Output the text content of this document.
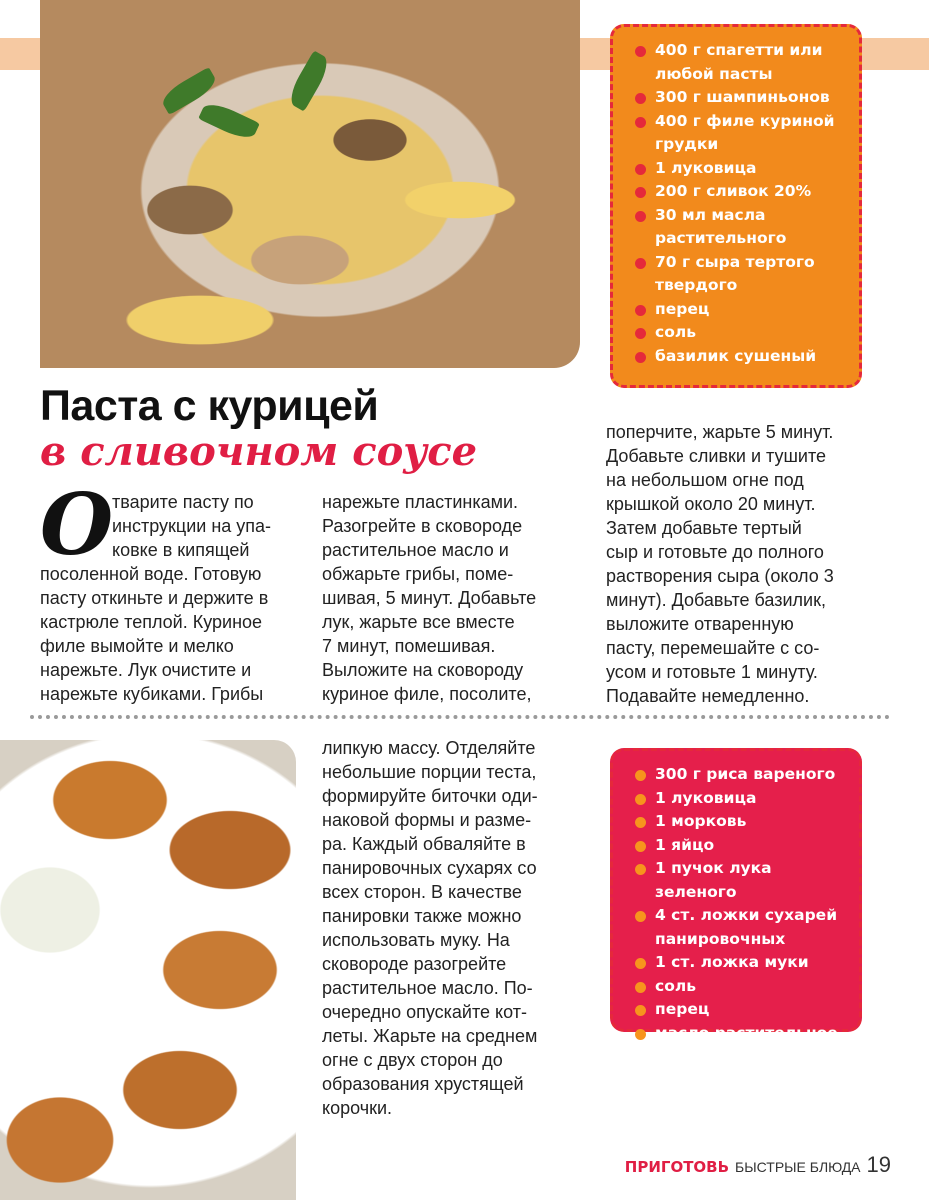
400 г спагетти или любой пасты
300 г шампиньонов
400 г филе куриной грудки
1 луковица
200 г сливок 20%
30 мл масла растительного
70 г сыра тертого твердого
перец
соль
базилик сушеный
Паста с курицей
в сливочном соусе
О
тварите пасту по
инструкции на упа-
ковке в кипящей
посоленной воде. Готовую
пасту откиньте и держите в
кастрюле теплой. Куриное
филе вымойте и мелко
нарежьте. Лук очистите и
нарежьте кубиками. Грибы
нарежьте пластинками.
Разогрейте в сковороде
растительное масло и
обжарьте грибы, поме-
шивая, 5 минут. Добавьте
лук, жарьте все вместе
7 минут, помешивая.
Выложите на сковороду
куриное филе, посолите,
поперчите, жарьте 5 минут.
Добавьте сливки и тушите
на небольшом огне под
крышкой около 20 минут.
Затем добавьте тертый
сыр и готовьте до полного
растворения сыра (около 3
минут). Добавьте базилик,
выложите отваренную
пасту, перемешайте с со-
усом и готовьте 1 минуту.
Подавайте немедленно.
липкую массу. Отделяйте
небольшие порции теста,
формируйте биточки оди-
наковой формы и разме-
ра. Каждый обваляйте в
панировочных сухарях со
всех сторон. В качестве
панировки также можно
использовать муку. На
сковороде разогрейте
растительное масло. По-
очередно опускайте кот-
леты. Жарьте на среднем
огне с двух сторон до
образования хрустящей
корочки.
300 г риса вареного
1 луковица
1 морковь
1 яйцо
1 пучок лука зеленого
4 ст. ложки сухарей панировочных
1 ст. ложка муки
соль
перец
масло растительное
ПРИГОТОВЬ БЫСТРЫЕ БЛЮДА 19
